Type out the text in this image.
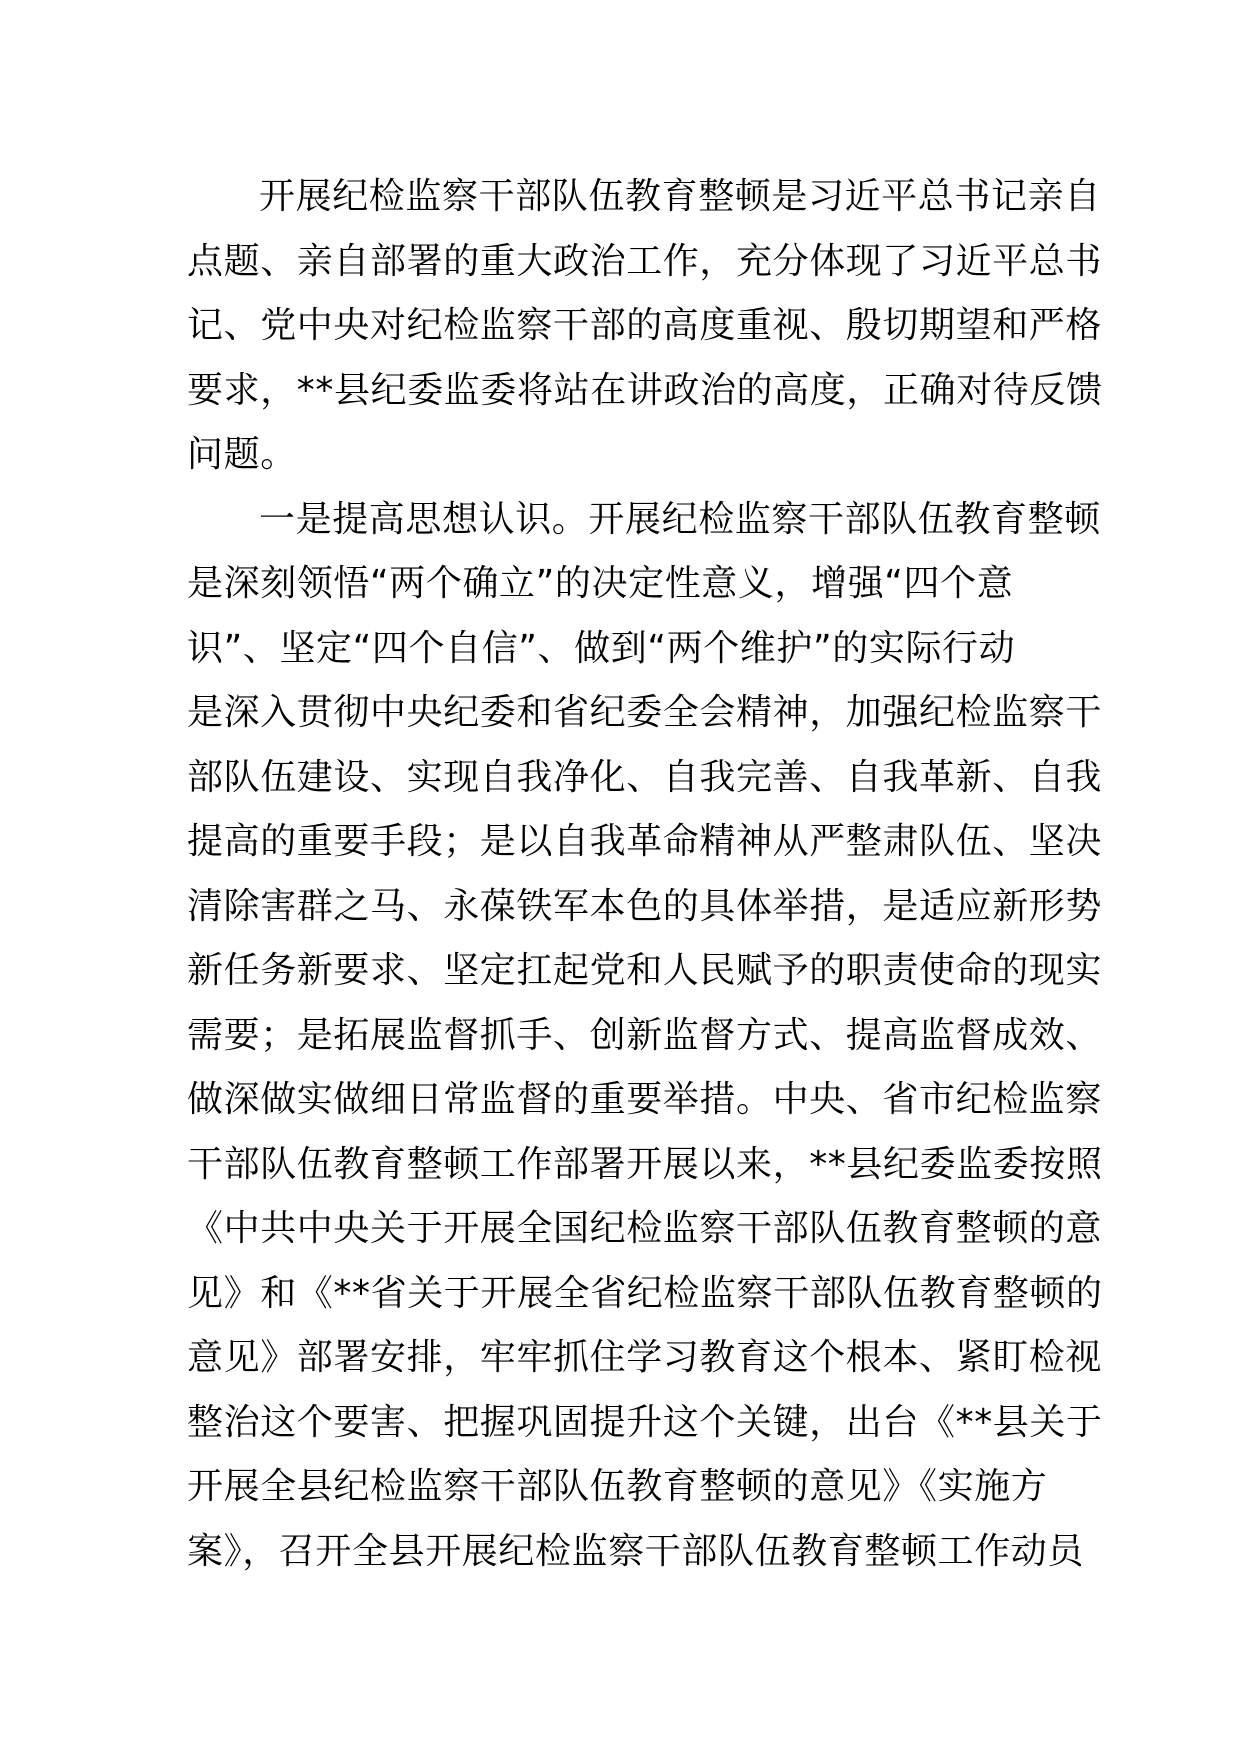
开展纪检监察干部队伍教育整顿是习近平总书记亲自
点题、亲自部署的重大政治工作，充分体现了习近平总书
记、党中央对纪检监察干部的高度重视、殷切期望和严格
要求，**县纪委监委将站在讲政治的高度，正确对待反馈
问题。
一是提高思想认识。开展纪检监察干部队伍教育整顿
是深刻领悟“两个确立”的决定性意义，增强“四个意
识”、坚定“四个自信”、做到“两个维护”的实际行动
是深入贯彻中央纪委和省纪委全会精神，加强纪检监察干
部队伍建设、实现自我净化、自我完善、自我革新、自我
提高的重要手段；是以自我革命精神从严整肃队伍、坚决
清除害群之马、永葆铁军本色的具体举措，是适应新形势
新任务新要求、坚定扛起党和人民赋予的职责使命的现实
需要；是拓展监督抓手、创新监督方式、提高监督成效、
做深做实做细日常监督的重要举措。中央、省市纪检监察
干部队伍教育整顿工作部署开展以来，**县纪委监委按照
《中共中央关于开展全国纪检监察干部队伍教育整顿的意
见》和《**省关于开展全省纪检监察干部队伍教育整顿的
意见》部署安排，牢牢抓住学习教育这个根本、紧盯检视
整治这个要害、把握巩固提升这个关键，出台《**县关于
开展全县纪检监察干部队伍教育整顿的意见》《实施方
案》，召开全县开展纪检监察干部队伍教育整顿工作动员
